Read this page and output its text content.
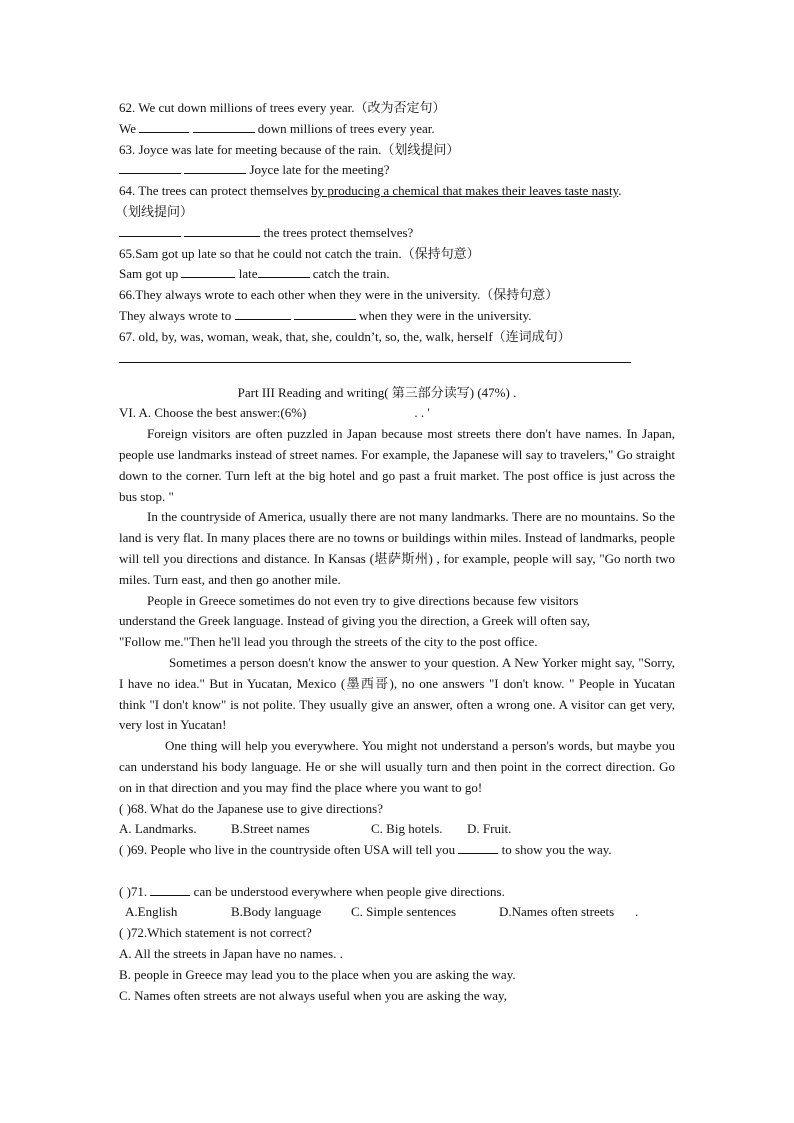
62. We cut down millions of trees every year.（改为否定句）
We	down millions of trees every year.
63. Joyce was late for meeting because of the rain.（划线提问）
Joyce late for the meeting?
64. The trees can protect themselves by producing a chemical that makes their leaves taste nasty.
（划线提问）
the trees protect themselves?
65.Sam got up late so that he could not catch the train.（保持句意）
Sam got up	late	catch the train.
66.They always wrote to each other when they were in the university.（保持句意）
They always wrote to	when they were in the university.
67. old, by, was, woman, weak, that, she, couldn’t, so, the, walk, herself（连词成句）
Part III Reading and writing( 第三部分读写) (47%) .
VI. A. Choose the best answer:(6%)	. . '
Foreign visitors are often puzzled in Japan because most streets there don't have names. In Japan, people use landmarks instead of street names. For example, the Japanese will say to travelers," Go straight down to the corner. Turn left at the big hotel and go past a fruit market. The post office is just across the bus stop. "
In the countryside of America, usually there are not many landmarks. There are no mountains. So the land is very flat. In many places there are no towns or buildings within miles. Instead of landmarks, people will tell you directions and distance. In Kansas (堪萨斯州) , for example, people will say, "Go north two miles. Turn east, and then go another mile.
People in Greece sometimes do not even try to give directions because few visitors
understand the Greek language. Instead of giving you the direction, a Greek will often say,
"Follow me."Then he'll lead you through the streets of the city to the post office.
Sometimes a person doesn't know the answer to your question. A New Yorker might say, "Sorry, I have no idea." But in Yucatan, Mexico (墨西哥), no one answers "I don't know. " People in Yucatan think "I don't know" is not polite. They usually give an answer, often a wrong one. A visitor can get very, very lost in Yucatan!
One thing will help you everywhere. You might not understand a person's words, but maybe you can understand his body language. He or she will usually turn and then point in the correct direction. Go on in that direction and you may find the place where you want to go!
( )68. What do the Japanese use to give directions?
A. Landmarks.	B.Street names	C. Big hotels. D. Fruit.
( )69. People who live in the countryside often USA will tell you	to show you the way.
( )71.	can be understood everywhere when people give directions.
A.English	B.Body language C. Simple sentences	D.Names often streets .
( )72.Which statement is not correct?
A. All the streets in Japan have no names. .
B. people in Greece may lead you to the place when you are asking the way.
C. Names often streets are not always useful when you are asking the way,
